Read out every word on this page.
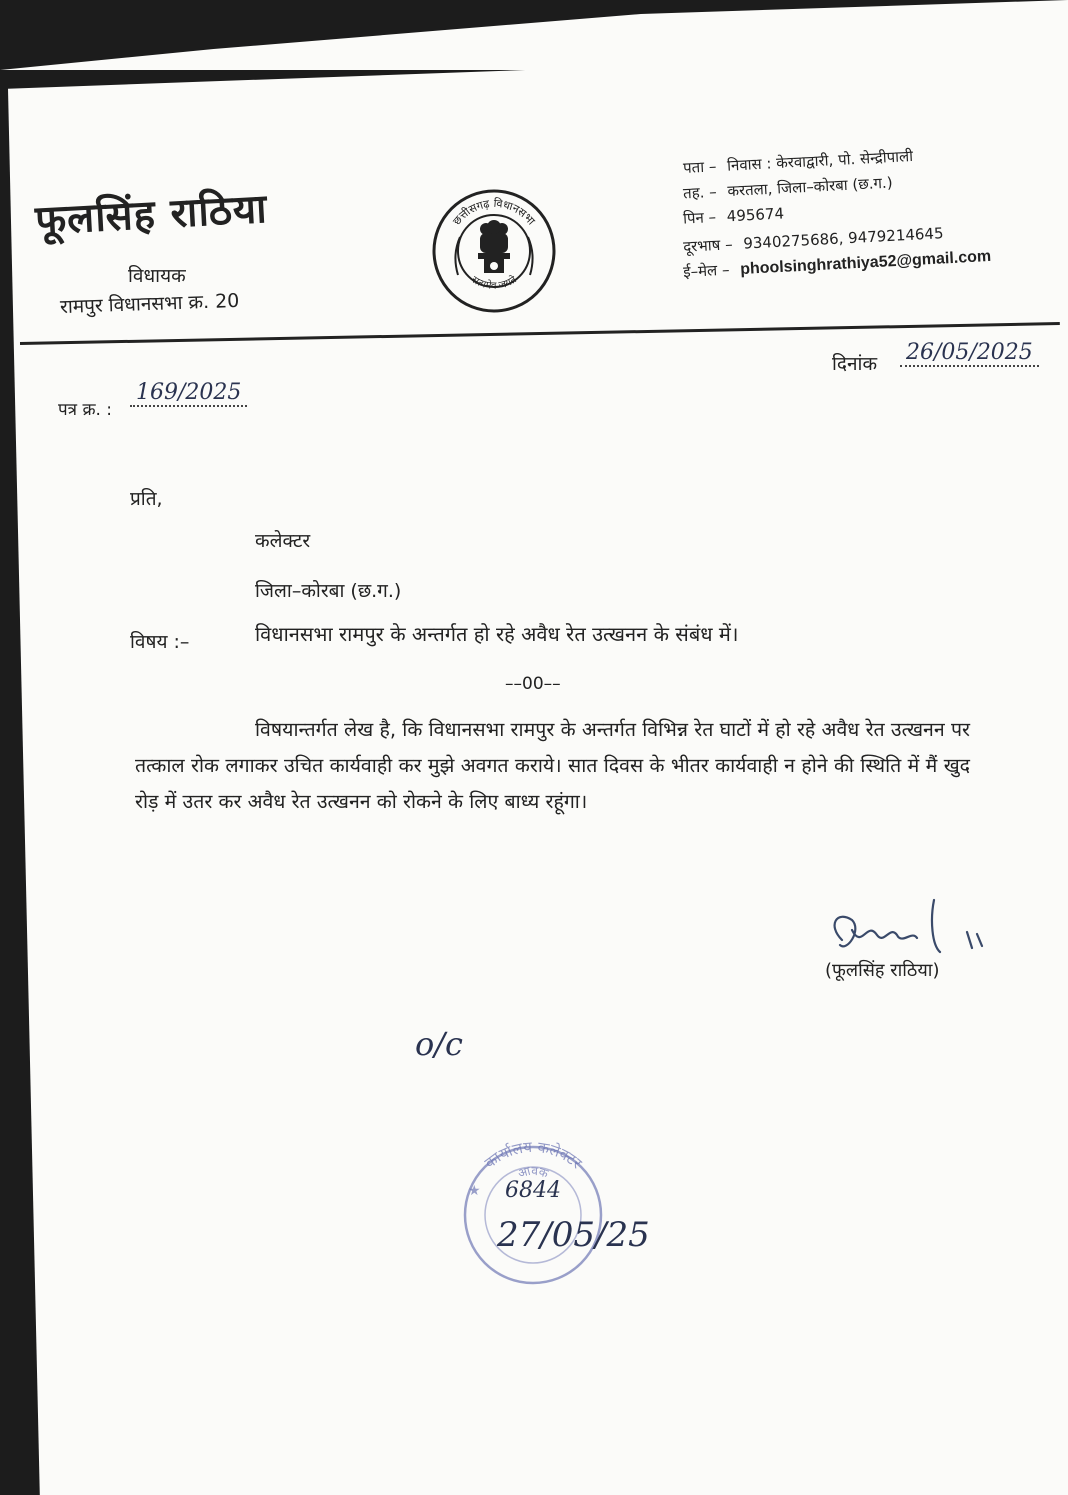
फूलसिंह राठिया
विधायक
रामपुर विधानसभा क्र. 20
छत्तीसगढ़ विधानसभा
सत्यमेव जयते
पता – निवास : केरवाद्वारी, पो. सेन्द्रीपाली
तह. – करतला, जिला–कोरबा (छ.ग.)
पिन – 495674
दूरभाष – 9340275686, 9479214645
ई–मेल – phoolsinghrathiya52@gmail.com
पत्र क्र. :
169/2025
दिनांक 26/05/2025
प्रति,
कलेक्टर
जिला–कोरबा (छ.ग.)
विषय :–	विधानसभा रामपुर के अन्तर्गत हो रहे अवैध रेत उत्खनन के संबंध में।
––00––
विषयान्तर्गत लेख है, कि विधानसभा रामपुर के अन्तर्गत विभिन्न रेत घाटों में हो रहे अवैध रेत उत्खनन पर तत्काल रोक लगाकर उचित कार्यवाही कर मुझे अवगत कराये। सात दिवस के भीतर कार्यवाही न होने की स्थिति में मैं खुद रोड़ में उतर कर अवैध रेत उत्खनन को रोकने के लिए बाध्य रहूंगा।
(फूलसिंह राठिया)
o/c
कार्यालय कलेक्टर
आवक
★ 6844
27/05/25
